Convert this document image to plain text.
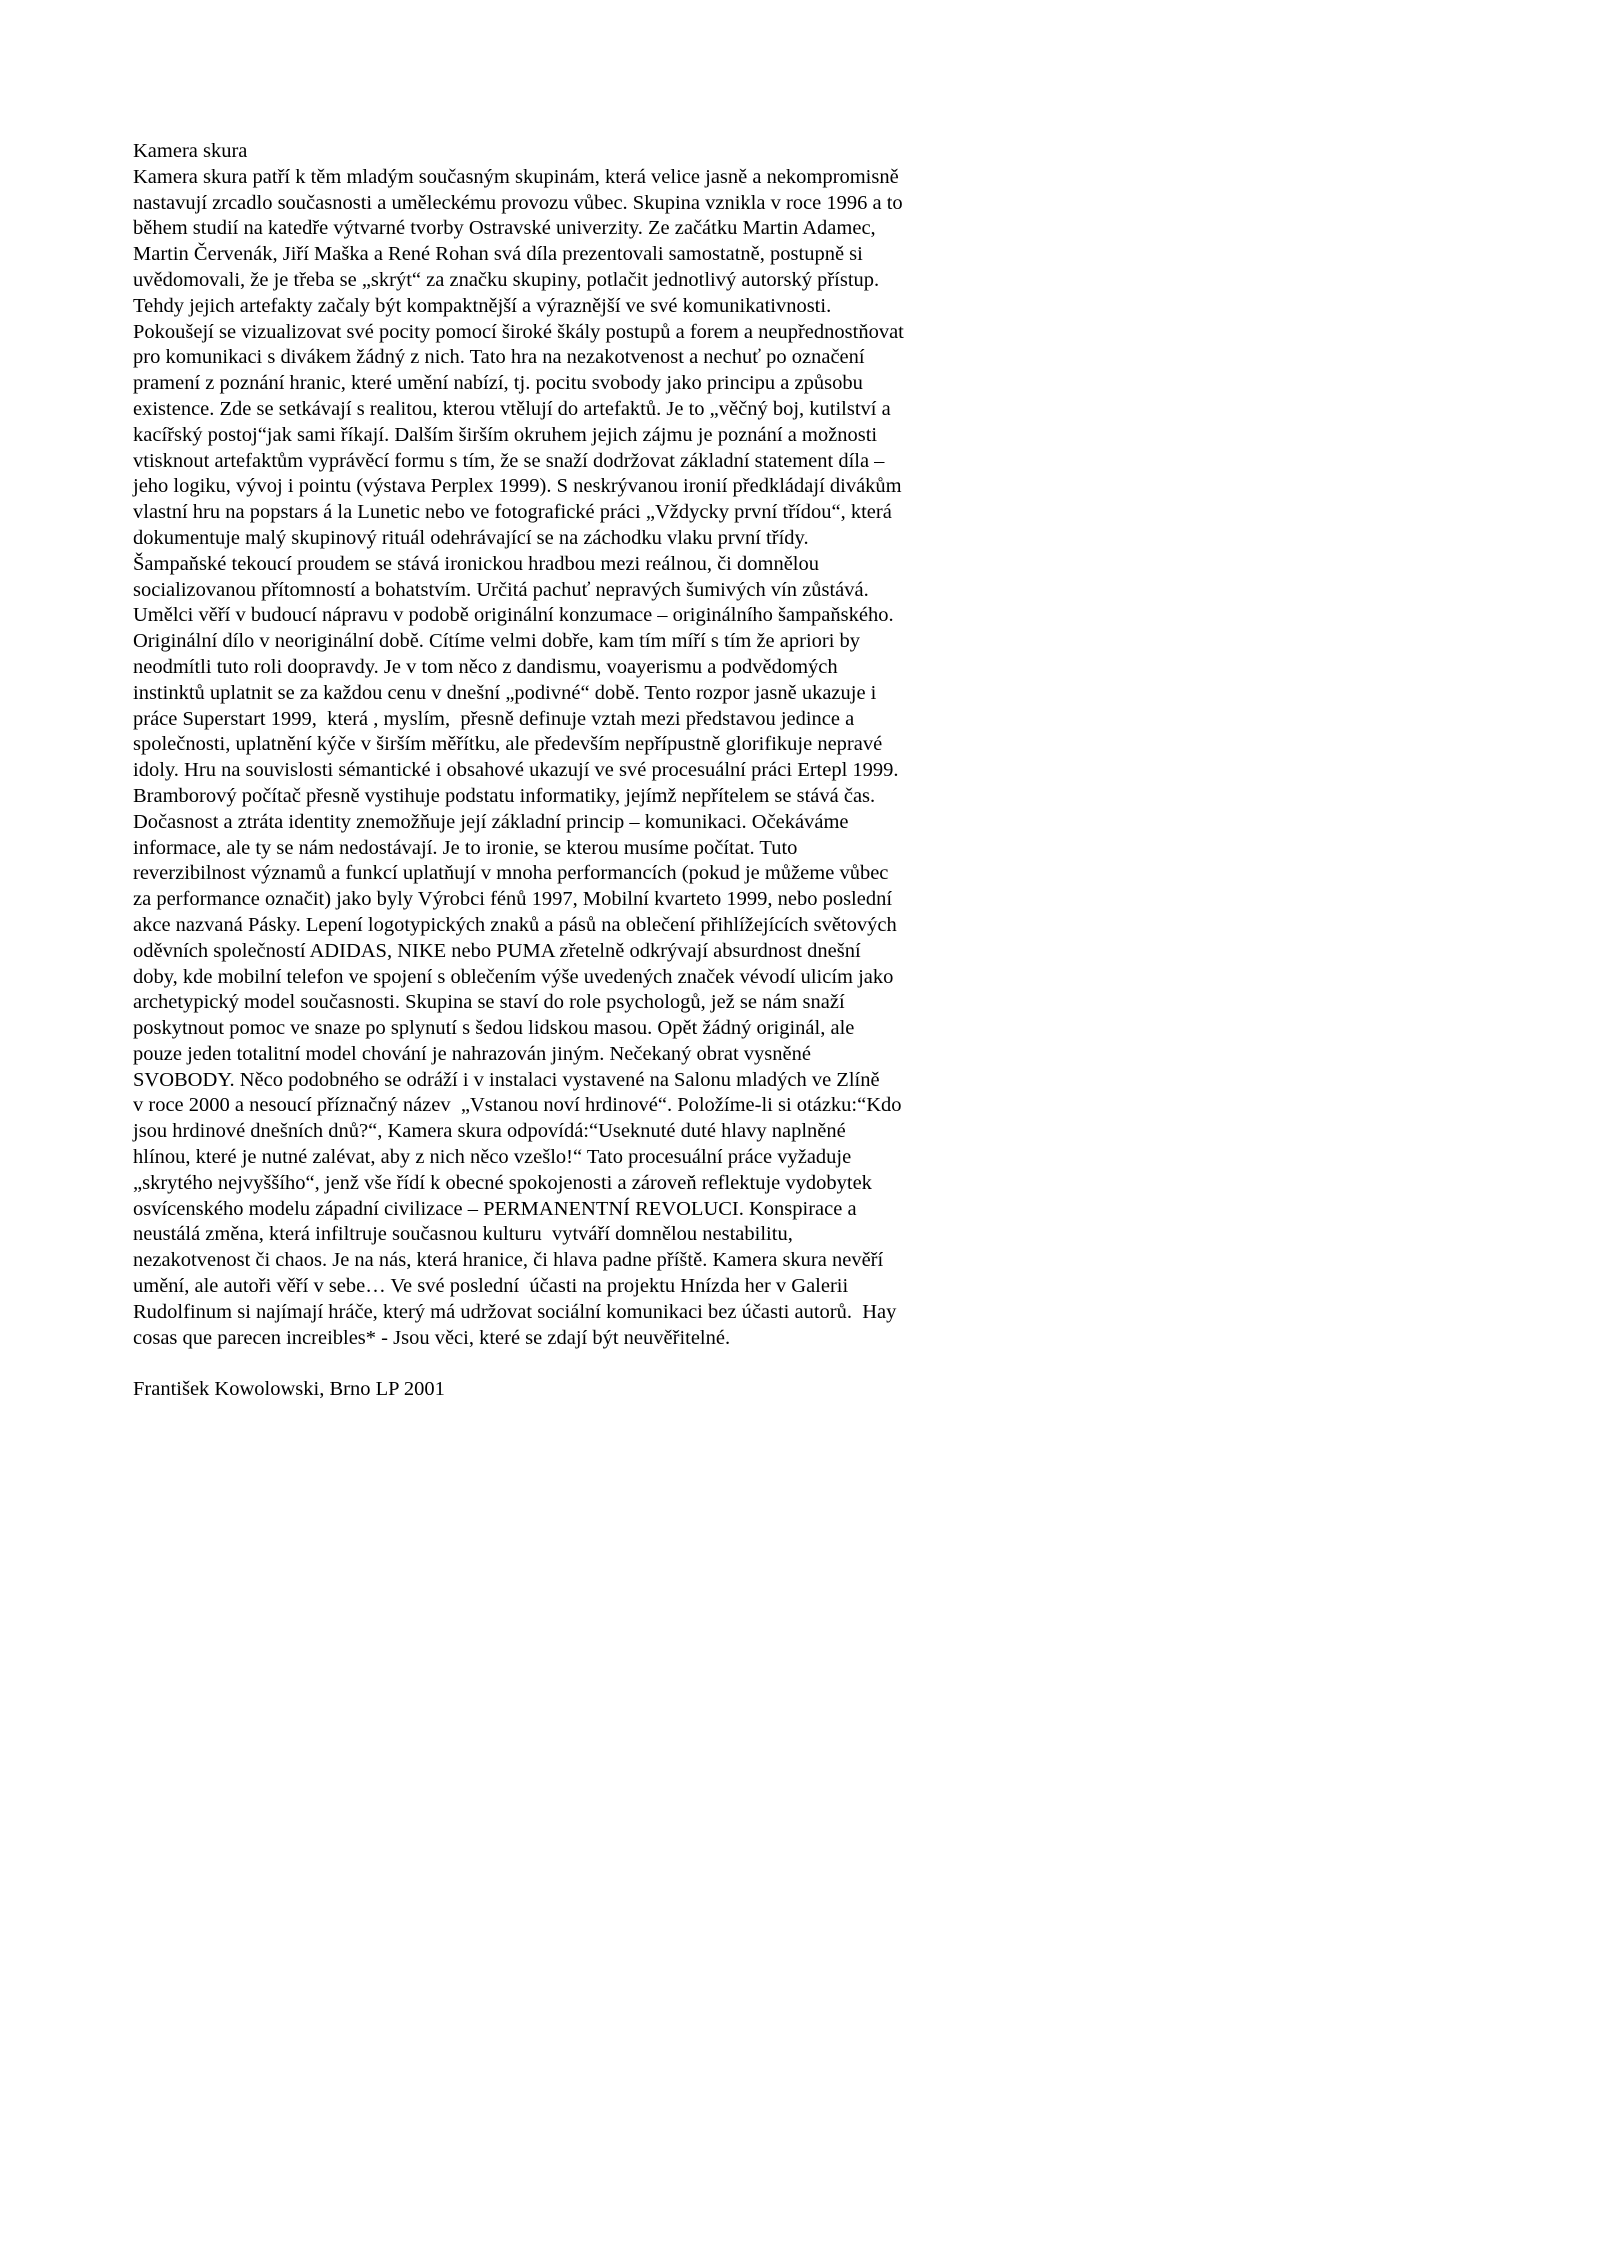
Kamera skura
Kamera skura patří k těm mladým současným skupinám, která velice jasně a nekompromisně
nastavují zrcadlo současnosti a uměleckému provozu vůbec. Skupina vznikla v roce 1996 a to
během studií na katedře výtvarné tvorby Ostravské univerzity. Ze začátku Martin Adamec,
Martin Červenák, Jiří Maška a René Rohan svá díla prezentovali samostatně, postupně si
uvědomovali, že je třeba se „skrýt“ za značku skupiny, potlačit jednotlivý autorský přístup.
Tehdy jejich artefakty začaly být kompaktnější a výraznější ve své komunikativnosti.
Pokoušejí se vizualizovat své pocity pomocí široké škály postupů a forem a neupřednostňovat
pro komunikaci s divákem žádný z nich. Tato hra na nezakotvenost a nechuť po označení
pramení z poznání hranic, které umění nabízí, tj. pocitu svobody jako principu a způsobu
existence. Zde se setkávají s realitou, kterou vtělují do artefaktů. Je to „věčný boj, kutilství a
kacířský postoj“jak sami říkají. Dalším širším okruhem jejich zájmu je poznání a možnosti
vtisknout artefaktům vyprávěcí formu s tím, že se snaží dodržovat základní statement díla –
jeho logiku, vývoj i pointu (výstava Perplex 1999). S neskrývanou ironií předkládají divákům
vlastní hru na popstars á la Lunetic nebo ve fotografické práci „Vždycky první třídou“, která
dokumentuje malý skupinový rituál odehrávající se na záchodku vlaku první třídy.
Šampaňské tekoucí proudem se stává ironickou hradbou mezi reálnou, či domnělou
socializovanou přítomností a bohatstvím. Určitá pachuť nepravých šumivých vín zůstává.
Umělci věří v budoucí nápravu v podobě originální konzumace – originálního šampaňského.
Originální dílo v neoriginální době. Cítíme velmi dobře, kam tím míří s tím že apriori by
neodmítli tuto roli doopravdy. Je v tom něco z dandismu, voayerismu a podvědomých
instinktů uplatnit se za každou cenu v dnešní „podivné“ době. Tento rozpor jasně ukazuje i
práce Superstart 1999,  která , myslím,  přesně definuje vztah mezi představou jedince a
společnosti, uplatnění kýče v širším měřítku, ale především nepřípustně glorifikuje nepravé
idoly. Hru na souvislosti sémantické i obsahové ukazují ve své procesuální práci Ertepl 1999.
Bramborový počítač přesně vystihuje podstatu informatiky, jejímž nepřítelem se stává čas.
Dočasnost a ztráta identity znemožňuje její základní princip – komunikaci. Očekáváme
informace, ale ty se nám nedostávají. Je to ironie, se kterou musíme počítat. Tuto
reverzibilnost významů a funkcí uplatňují v mnoha performancích (pokud je můžeme vůbec
za performance označit) jako byly Výrobci fénů 1997, Mobilní kvarteto 1999, nebo poslední
akce nazvaná Pásky. Lepení logotypických znaků a pásů na oblečení přihlížejících světových
oděvních společností ADIDAS, NIKE nebo PUMA zřetelně odkrývají absurdnost dnešní
doby, kde mobilní telefon ve spojení s oblečením výše uvedených značek vévodí ulicím jako
archetypický model současnosti. Skupina se staví do role psychologů, jež se nám snaží
poskytnout pomoc ve snaze po splynutí s šedou lidskou masou. Opět žádný originál, ale
pouze jeden totalitní model chování je nahrazován jiným. Nečekaný obrat vysněné
SVOBODY. Něco podobného se odráží i v instalaci vystavené na Salonu mladých ve Zlíně
v roce 2000 a nesoucí příznačný název  „Vstanou noví hrdinové“. Položíme-li si otázku:“Kdo
jsou hrdinové dnešních dnů?“, Kamera skura odpovídá:“Useknuté duté hlavy naplněné
hlínou, které je nutné zalévat, aby z nich něco vzešlo!“ Tato procesuální práce vyžaduje
„skrytého nejvyššího“, jenž vše řídí k obecné spokojenosti a zároveň reflektuje vydobytek
osvícenského modelu západní civilizace – PERMANENTNÍ REVOLUCI. Konspirace a
neustálá změna, která infiltruje současnou kulturu  vytváří domnělou nestabilitu,
nezakotvenost či chaos. Je na nás, která hranice, či hlava padne příště. Kamera skura nevěří
umění, ale autoři věří v sebe… Ve své poslední  účasti na projektu Hnízda her v Galerii
Rudolfinum si najímají hráče, který má udržovat sociální komunikaci bez účasti autorů.  Hay
cosas que parecen increibles* - Jsou věci, které se zdají být neuvěřitelné.
František Kowolowski, Brno LP 2001
